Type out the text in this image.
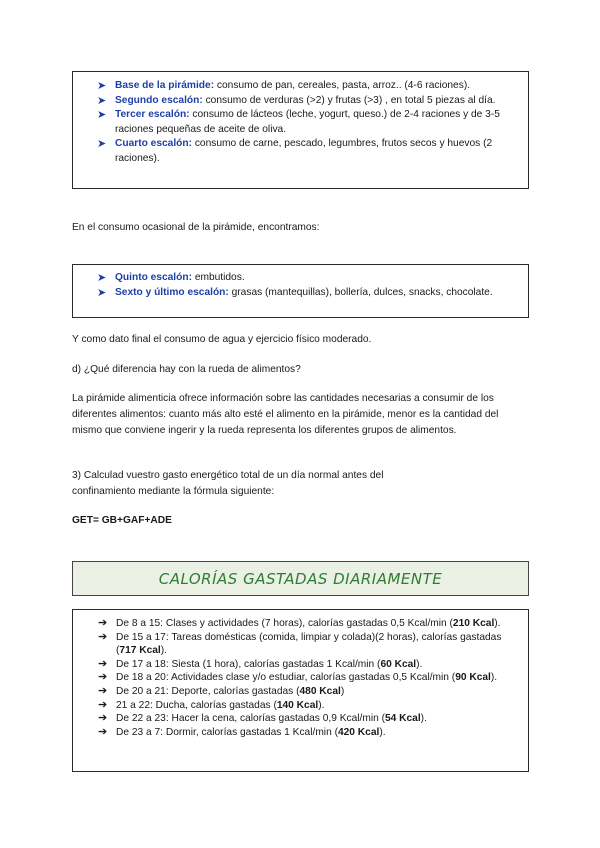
➤ Base de la pirámide: consumo de pan, cereales, pasta, arroz.. (4-6 raciones).
➤ Segundo escalón: consumo de verduras (>2) y frutas (>3) , en total 5 piezas al día.
➤ Tercer escalón: consumo de lácteos (leche, yogurt, queso.) de 2-4 raciones y de 3-5 raciones pequeñas de aceite de oliva.
➤ Cuarto escalón: consumo de carne, pescado, legumbres, frutos secos y huevos (2 raciones).
En el consumo ocasional de la pirámide, encontramos:
➤ Quinto escalón: embutidos.
➤ Sexto y último escalón: grasas (mantequillas), bollería, dulces, snacks, chocolate.
Y como dato final el consumo de agua y ejercicio físico moderado.
d) ¿Qué diferencia hay con la rueda de alimentos?
La pirámide alimenticia ofrece información sobre las cantidades necesarias a consumir de los diferentes alimentos: cuanto más alto esté el alimento en la pirámide, menor es la cantidad del mismo que conviene ingerir y la rueda representa los diferentes grupos de alimentos.
3) Calculad vuestro gasto energético total de un día normal antes del
confinamiento mediante la fórmula siguiente:
GET= GB+GAF+ADE
CALORÍAS GASTADAS DIARIAMENTE
➔ De 8 a 15: Clases y actividades (7 horas), calorías gastadas 0,5 Kcal/min (210 Kcal).
➔ De 15 a 17: Tareas domésticas (comida, limpiar y colada)(2 horas), calorías gastadas (717 Kcal).
➔ De 17 a 18: Siesta (1 hora), calorías gastadas 1 Kcal/min (60 Kcal).
➔ De 18 a 20: Actividades clase y/o estudiar, calorías gastadas 0,5 Kcal/min (90 Kcal).
➔ De 20 a 21: Deporte, calorías gastadas (480 Kcal)
➔ 21 a 22: Ducha, calorías gastadas (140 Kcal).
➔ De 22 a 23: Hacer la cena, calorías gastadas 0,9 Kcal/min (54 Kcal).
➔ De 23 a 7: Dormir, calorías gastadas 1 Kcal/min (420 Kcal).
